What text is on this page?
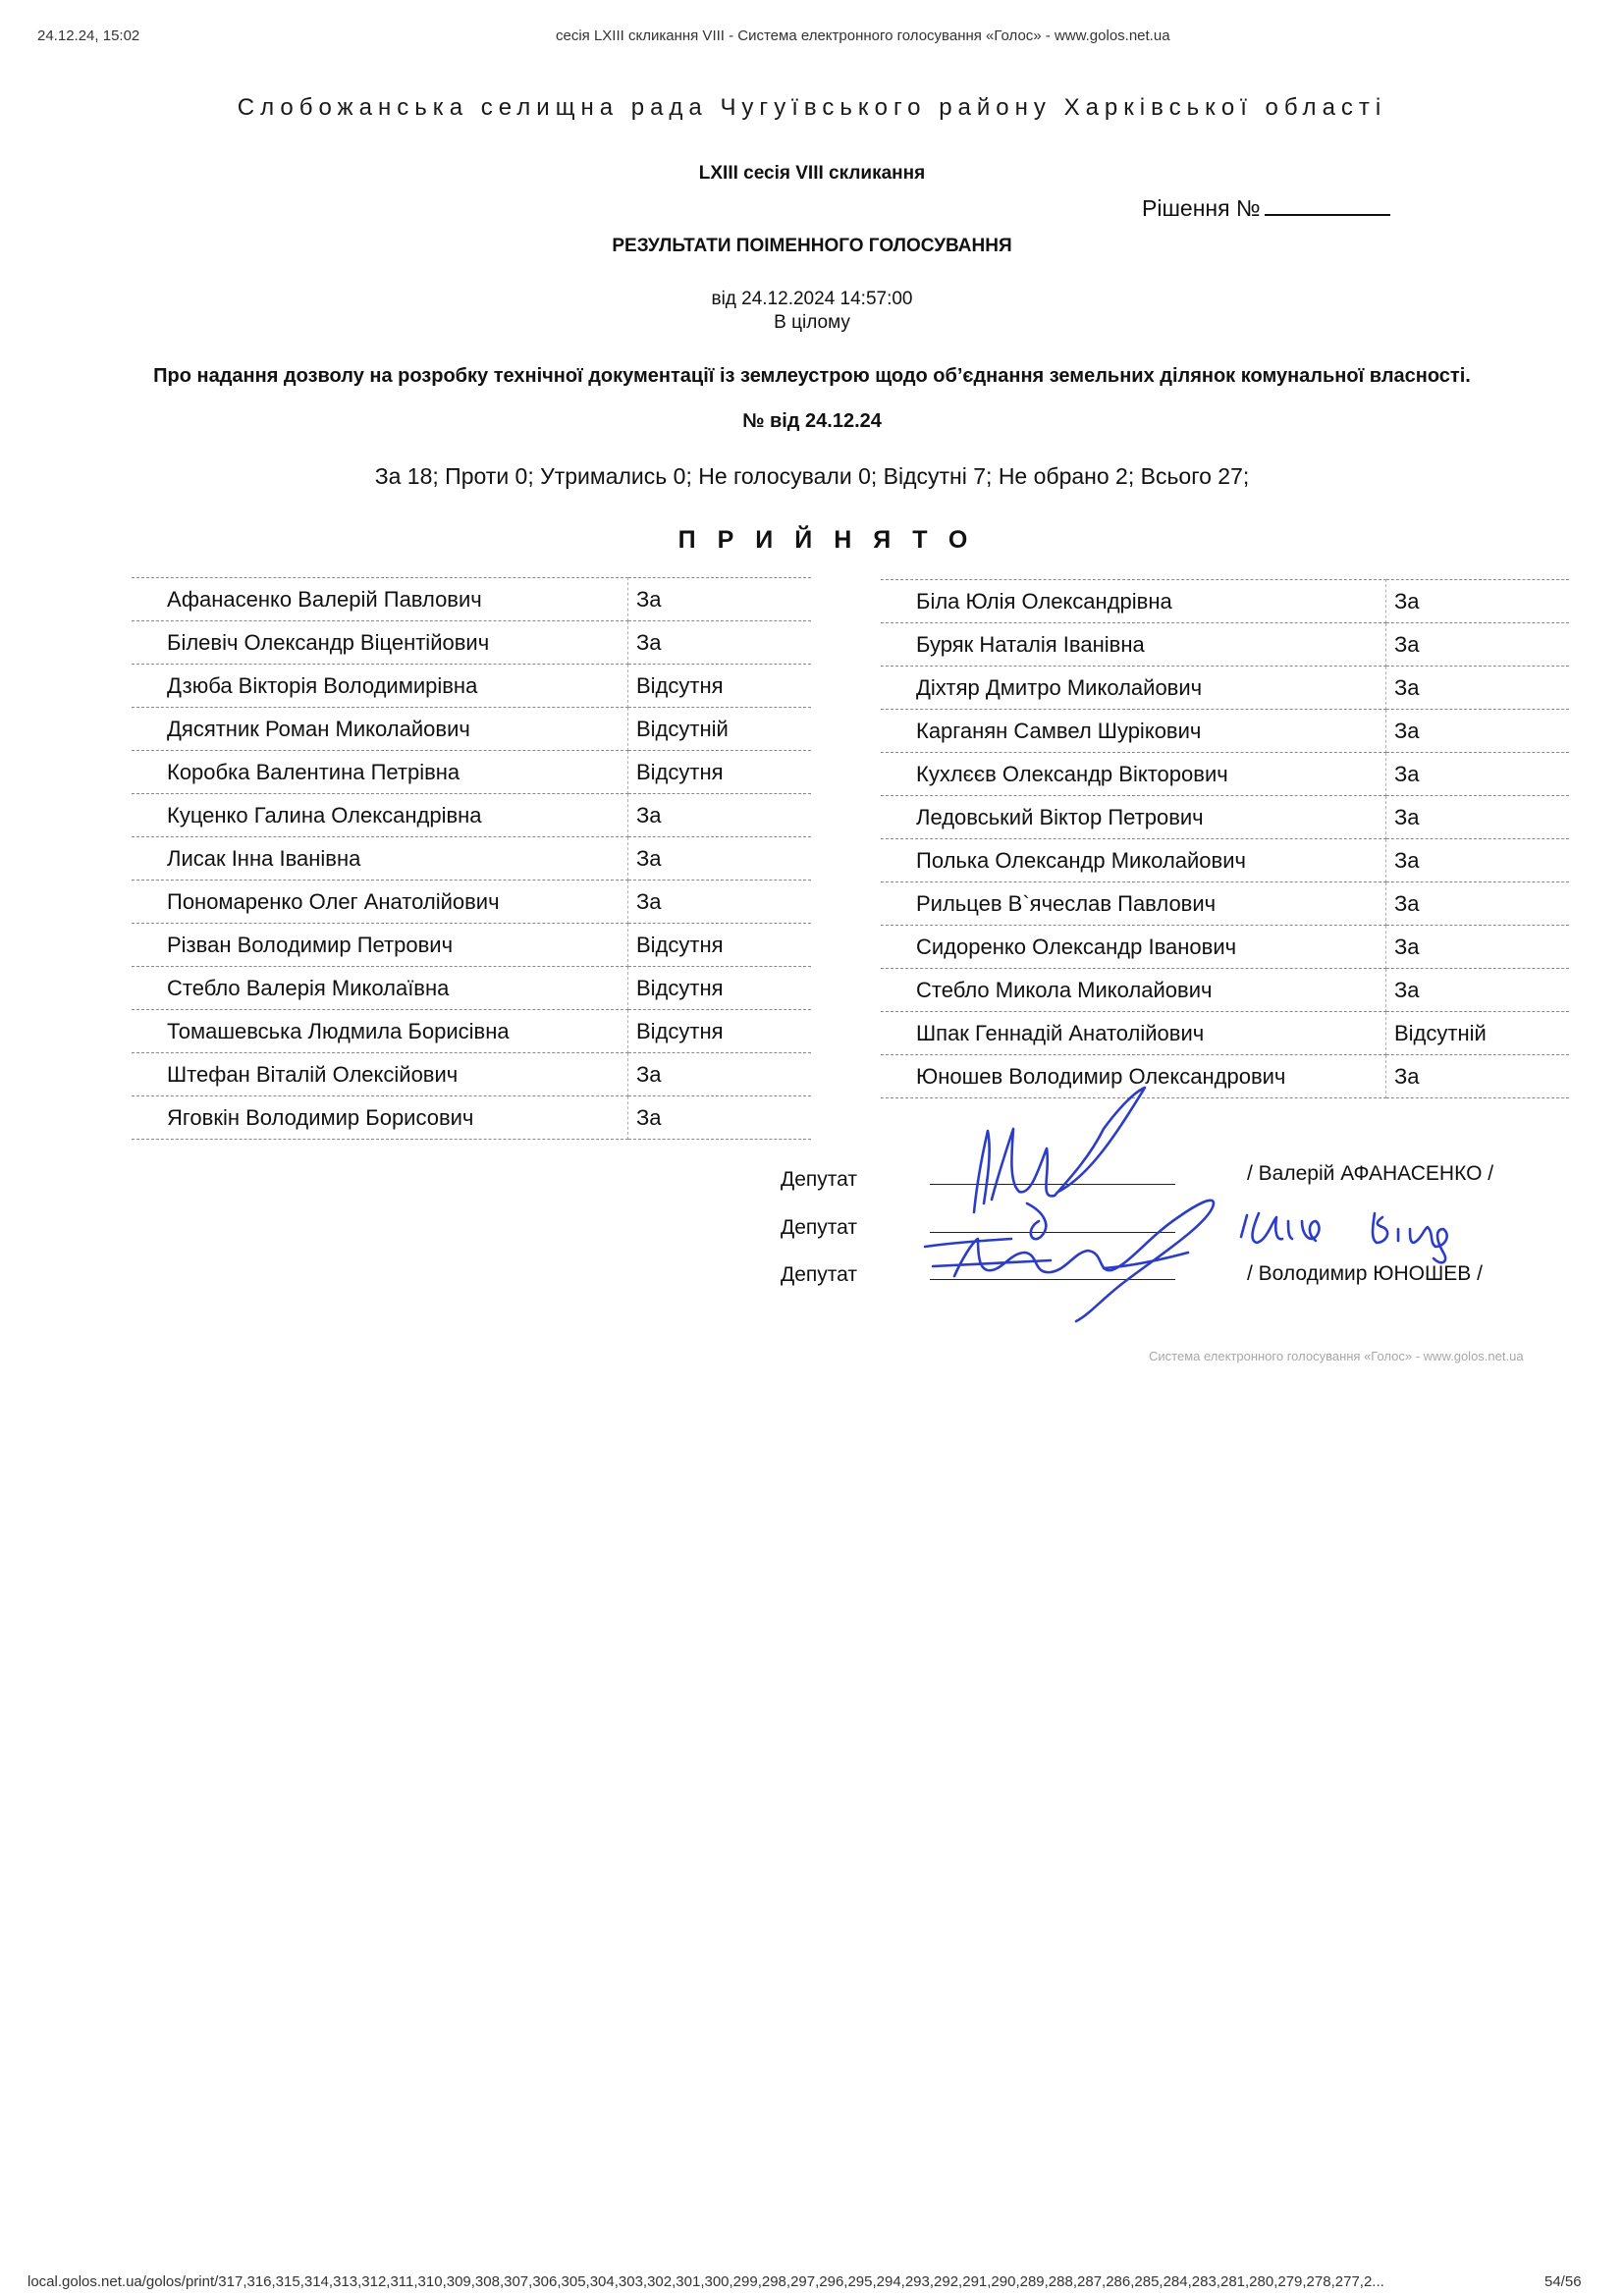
24.12.24, 15:02	сесія LXIII скликання VIII - Система електронного голосування «Голос» - www.golos.net.ua
Слобожанська селищна рада Чугуївського району Харківської області
LXIII сесія VIII скликання
Рішення №
РЕЗУЛЬТАТИ ПОІМЕННОГО ГОЛОСУВАННЯ
від 24.12.2024 14:57:00
В цілому
Про надання дозволу на розробку технічної документації із землеустрою щодо об’єднання земельних ділянок комунальної власності.
№ від 24.12.24
За 18; Проти 0; Утримались 0; Не голосували 0; Відсутні 7; Не обрано 2; Всього 27;
ПРИЙНЯТО
Афанасенко Валерій Павлович	За
Білевіч Олександр Віцентійович	За
Дзюба Вікторія Володимирівна	Відсутня
Дясятник Роман Миколайович	Відсутній
Коробка Валентина Петрівна	Відсутня
Куценко Галина Олександрівна	За
Лисак Інна Іванівна	За
Пономаренко Олег Анатолійович	За
Різван Володимир Петрович	Відсутня
Стебло Валерія Миколаївна	Відсутня
Томашевська Людмила Борисівна	Відсутня
Штефан Віталій Олексійович	За
Яговкін Володимир Борисович	За
Біла Юлія Олександрівна	За
Буряк Наталія Іванівна	За
Діхтяр Дмитро Миколайович	За
Карганян Самвел Шурікович	За
Кухлєєв Олександр Вікторович	За
Ледовський Віктор Петрович	За
Полька Олександр Миколайович	За
Рильцев В`ячеслав Павлович	За
Сидоренко Олександр Іванович	За
Стебло Микола Миколайович	За
Шпак Геннадій Анатолійович	Відсутній
Юношев Володимир Олександрович	За
Депутат
Депутат
Депутат
/ Валерій АФАНАСЕНКО /
/ Володимир ЮНОШЕВ /
Система електронного голосування «Голос» - www.golos.net.ua
local.golos.net.ua/golos/print/317,316,315,314,313,312,311,310,309,308,307,306,305,304,303,302,301,300,299,298,297,296,295,294,293,292,291,290,289,288,287,286,285,284,283,281,280,279,278,277,2...	54/56
